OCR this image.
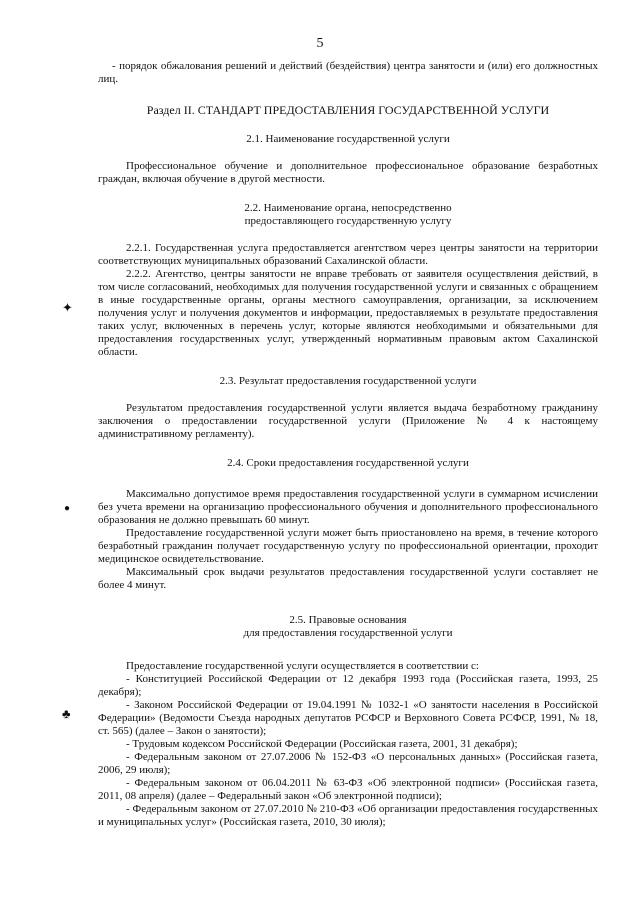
5
✦
●
♣

- порядок обжалования решений и действий (бездействия) центра занятости и (или) его должностных лиц.

Раздел II. СТАНДАРТ ПРЕДОСТАВЛЕНИЯ ГОСУДАРСТВЕННОЙ УСЛУГИ
2.1. Наименование государственной услуги

Профессиональное обучение и дополнительное профессиональное образование безработных граждан, включая обучение в другой местности.

2.2. Наименование органа, непосредственно
предоставляющего государственную услугу

2.2.1. Государственная услуга предоставляется агентством через центры занятости на территории соответствующих муниципальных образований Сахалинской области.

2.2.2. Агентство, центры занятости не вправе требовать от заявителя осуществления действий, в том числе согласований, необходимых для получения государственной услуги и связанных с обращением в иные государственные органы, органы местного самоуправления, организации, за исключением получения услуг и получения документов и информации, предоставляемых в результате предоставления таких услуг, включенных в перечень услуг, которые являются необходимыми и обязательными для предоставления государственных услуг, утвержденный нормативным правовым актом Сахалинской области.

2.3. Результат предоставления государственной услуги

Результатом предоставления государственной услуги является выдача безработному гражданину заключения о предоставлении государственной услуги (Приложение № 4 к настоящему административному регламенту).

2.4. Сроки предоставления государственной услуги

Максимально допустимое время предоставления государственной услуги в суммарном исчислении без учета времени на организацию профессионального обучения и дополнительного профессионального образования не должно превышать 60 минут.

Предоставление государственной услуги может быть приостановлено на время, в течение которого безработный гражданин получает государственную услугу по профессиональной ориентации, проходит медицинское освидетельствование.

Максимальный срок выдачи результатов предоставления государственной услуги составляет не более 4 минут.

2.5. Правовые основания
для предоставления государственной услуги

Предоставление государственной услуги осуществляется в соответствии с:

- Конституцией Российской Федерации от 12 декабря 1993 года (Российская газета, 1993, 25 декабря);

- Законом Российской Федерации от 19.04.1991 № 1032-1 «О занятости населения в Российской Федерации» (Ведомости Съезда народных депутатов РСФСР и Верховного Совета РСФСР, 1991, № 18, ст. 565) (далее – Закон о занятости);

- Трудовым кодексом Российской Федерации (Российская газета, 2001, 31 декабря);

- Федеральным законом от 27.07.2006 № 152-ФЗ «О персональных данных» (Российская газета, 2006, 29 июля);

- Федеральным законом от 06.04.2011 № 63-ФЗ «Об электронной подписи» (Российская газета, 2011, 08 апреля) (далее – Федеральный закон «Об электронной подписи);

- Федеральным законом от 27.07.2010 № 210-ФЗ «Об организации предоставления государственных и муниципальных услуг» (Российская газета, 2010, 30 июля);
